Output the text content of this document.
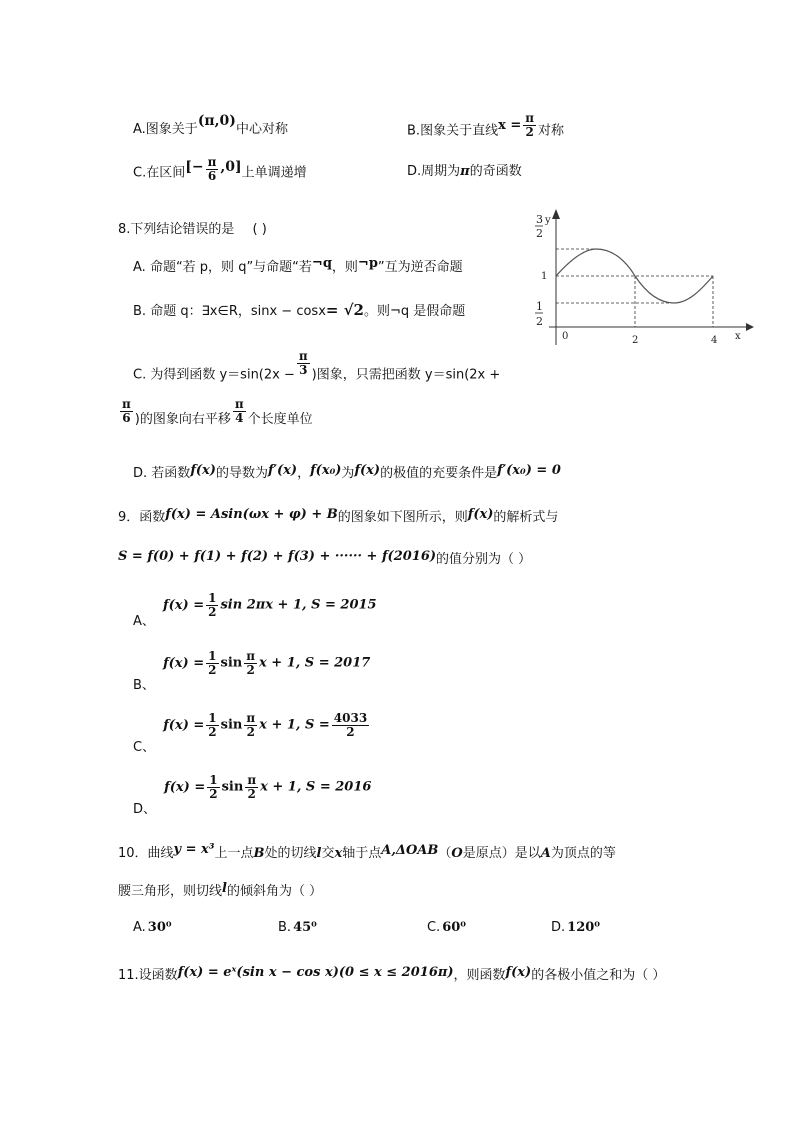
A.图象关于(π,0)中心对称	B.图象关于直线$x = \frac{\pi}{2}$ 对称
C.在区间[− $\frac{\pi}{6} ,0$]上单调递增	D.周期为π的奇函数
8.下列结论错误的是 ( )
A. 命题“若 p，则 q”与命题“若¬q，则¬p”互为逆否命题
B. 命题 q：∃x∈R，sinx − cosx= √2。则¬q 是假命题
C. 为得到函数 $y=\sin(2x - \frac{\pi}{3}$ )图象，只需把函数 y＝sin(2x +
$\frac{\pi}{6}$ )的图象向右平移 $\frac{\pi}{4}$ 个长度单位
D. 若函数f(x)的导数为f′(x)，f(x₀)为f(x)的极值的充要条件是f′(x₀) = 0
3
2
y
1
1
2
0	2	4 x
9．函数f(x) = Asin(ωx + φ) + B的图象如下图所示，则f(x)的解析式与
S = f(0) + f(1) + f(2) + f(3) + ······ + f(2016)的值分别为（ ）
A、 $f(x) = \frac{1}{2}$ sin 2πx + 1, S = 2015
B、 $f(x) = \frac{1}{2}$ $\sin \frac{\pi}{2}$ x + 1, S = 2017
C、 $f(x) = \frac{1}{2}$ $\sin \frac{\pi}{2}$ x + 1, $S = \frac{4033}{2}$
D、 $f(x) = \frac{1}{2}$ $\sin \frac{\pi}{2}$ x + 1, S = 2016
10．曲线y = x³上一点B处的切线l交x轴于点A,ΔOAB（O是原点）是以A为顶点的等
腰三角形，则切线l的倾斜角为（ ）
A. 30⁰	B. 45⁰	C. 60⁰	D. 120⁰
11.设函数f(x) = eˣ(sin x − cos x)(0 ≤ x ≤ 2016π)，则函数f(x)的各极小值之和为（ ）
